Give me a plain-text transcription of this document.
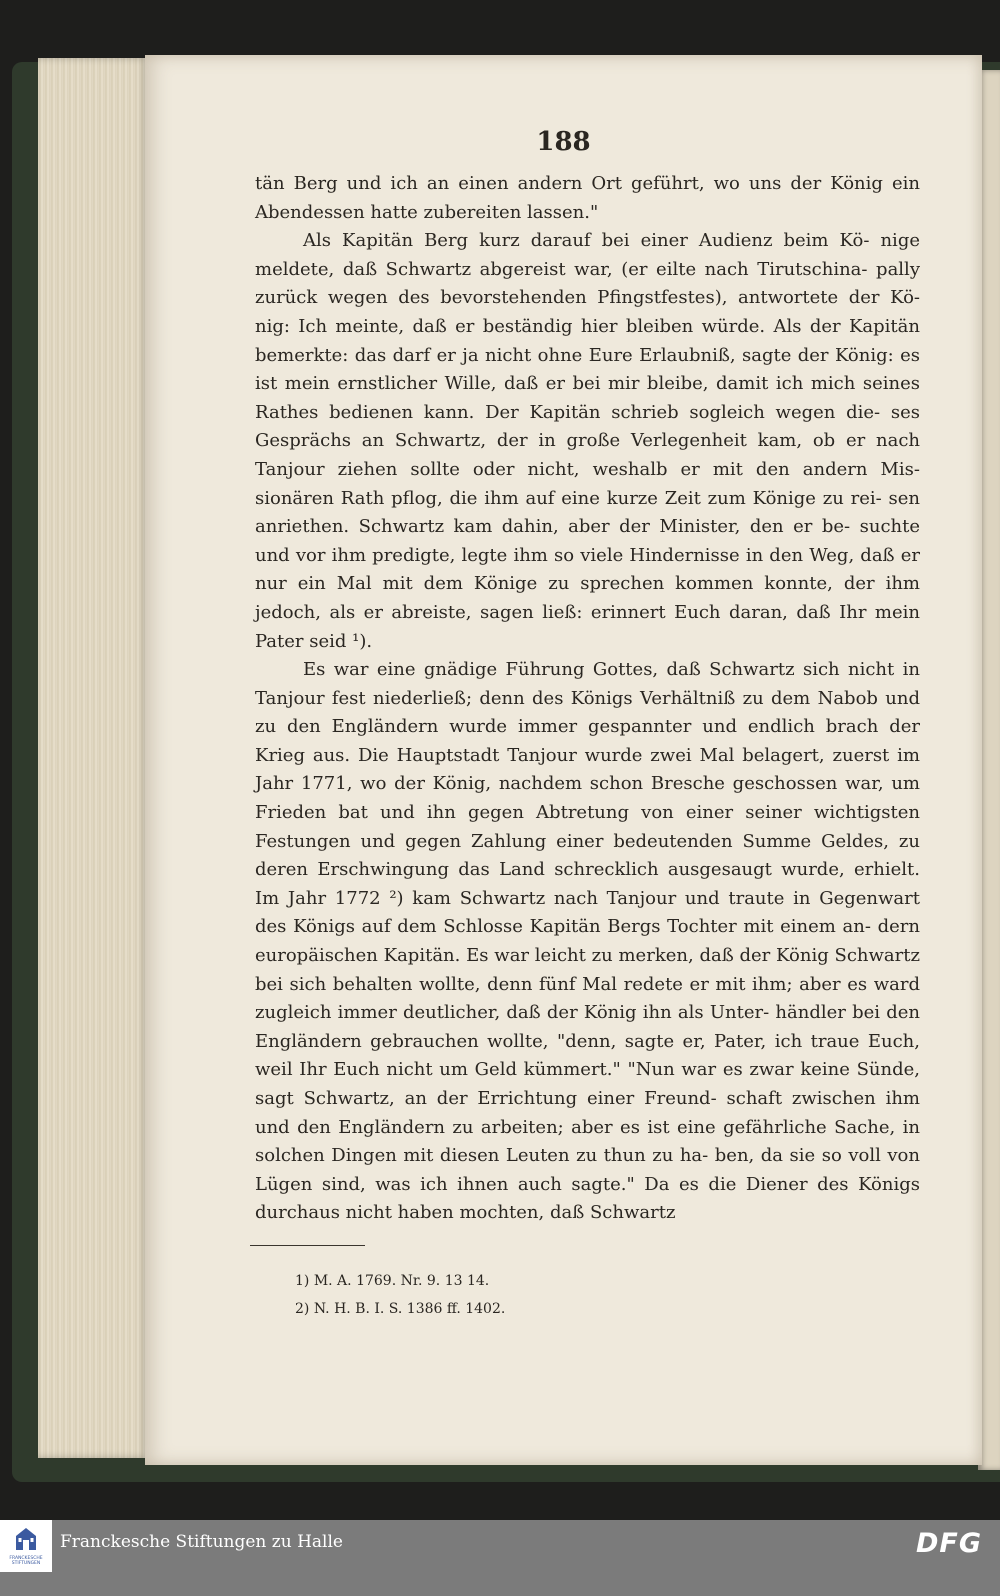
188

tän Berg und ich an einen andern Ort geführt, wo uns der König ein Abendessen hatte zubereiten lassen."

Als Kapitän Berg kurz darauf bei einer Audienz beim Kö- nige meldete, daß Schwartz abgereist war, (er eilte nach Tirutschina- pally zurück wegen des bevorstehenden Pfingstfestes), antwortete der Kö- nig: Ich meinte, daß er beständig hier bleiben würde. Als der Kapitän bemerkte: das darf er ja nicht ohne Eure Erlaubniß, sagte der König: es ist mein ernstlicher Wille, daß er bei mir bleibe, damit ich mich seines Rathes bedienen kann. Der Kapitän schrieb sogleich wegen die- ses Gesprächs an Schwartz, der in große Verlegenheit kam, ob er nach Tanjour ziehen sollte oder nicht, weshalb er mit den andern Mis- sionären Rath pflog, die ihm auf eine kurze Zeit zum Könige zu rei- sen anriethen. Schwartz kam dahin, aber der Minister, den er be- suchte und vor ihm predigte, legte ihm so viele Hindernisse in den Weg, daß er nur ein Mal mit dem Könige zu sprechen kommen konnte, der ihm jedoch, als er abreiste, sagen ließ: erinnert Euch daran, daß Ihr mein Pater seid ¹).

Es war eine gnädige Führung Gottes, daß Schwartz sich nicht in Tanjour fest niederließ; denn des Königs Verhältniß zu dem Nabob und zu den Engländern wurde immer gespannter und endlich brach der Krieg aus. Die Hauptstadt Tanjour wurde zwei Mal belagert, zuerst im Jahr 1771, wo der König, nachdem schon Bresche geschossen war, um Frieden bat und ihn gegen Abtretung von einer seiner wichtigsten Festungen und gegen Zahlung einer bedeutenden Summe Geldes, zu deren Erschwingung das Land schrecklich ausgesaugt wurde, erhielt. Im Jahr 1772 ²) kam Schwartz nach Tanjour und traute in Gegenwart des Königs auf dem Schlosse Kapitän Bergs Tochter mit einem an- dern europäischen Kapitän. Es war leicht zu merken, daß der König Schwartz bei sich behalten wollte, denn fünf Mal redete er mit ihm; aber es ward zugleich immer deutlicher, daß der König ihn als Unter- händler bei den Engländern gebrauchen wollte, "denn, sagte er, Pater, ich traue Euch, weil Ihr Euch nicht um Geld kümmert." "Nun war es zwar keine Sünde, sagt Schwartz, an der Errichtung einer Freund- schaft zwischen ihm und den Engländern zu arbeiten; aber es ist eine gefährliche Sache, in solchen Dingen mit diesen Leuten zu thun zu ha- ben, da sie so voll von Lügen sind, was ich ihnen auch sagte." Da es die Diener des Königs durchaus nicht haben mochten, daß Schwartz

1) M. A. 1769. Nr. 9. 13 14.
2) N. H. B. I. S. 1386 ff. 1402.
FRANCKESCHE STIFTUNGEN
Franckesche Stiftungen zu Halle	DFG
